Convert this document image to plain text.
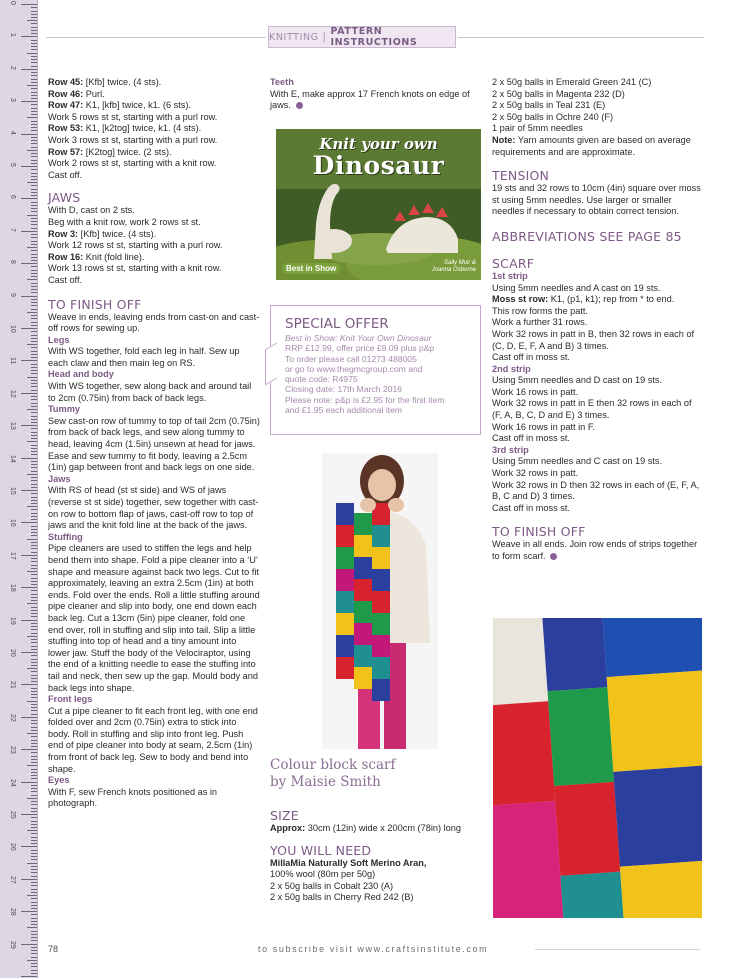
0
1
2
3
4
5
6
7
8
9
10
11
12
13
14
15
16
17
18
19
20
21
22
23
24
25
26
27
28
29
KNITTING | PATTERN INSTRUCTIONS

Row 45: [Kfb] twice. (4 sts).

Row 46: Purl.

Row 47: K1, [kfb] twice, k1. (6 sts).

Work 5 rows st st, starting with a purl row.

Row 53: K1, [k2tog] twice, k1. (4 sts).

Work 3 rows st st, starting with a purl row.

Row 57: [K2tog] twice. (2 sts).

Work 2 rows st st, starting with a knit row.

Cast off.

JAWS

With D, cast on 2 sts.

Beg with a knit row, work 2 rows st st.

Row 3: [Kfb] twice. (4 sts).

Work 12 rows st st, starting with a purl row.

Row 16: Knit (fold line).

Work 13 rows st st, starting with a knit row.

Cast off.

TO FINISH OFF

Weave in ends, leaving ends from cast-on and cast-off rows for sewing up.

Legs

With WS together, fold each leg in half. Sew up each claw and then main leg on RS.

Head and body

With WS together, sew along back and around tail to 2cm (0.75in) from back of back legs.

Tummy

Sew cast-on row of tummy to top of tail 2cm (0.75in) from back of back legs, and sew along tummy to head, leaving 4cm (1.5in) unsewn at head for jaws. Ease and sew tummy to fit body, leaving a 2.5cm (1in) gap between front and back legs on one side.

Jaws

With RS of head (st st side) and WS of jaws (reverse st st side) together, sew together with cast-on row to bottom flap of jaws, cast-off row to top of jaws and the knit fold line at the back of the jaws.

Stuffing

Pipe cleaners are used to stiffen the legs and help bend them into shape. Fold a pipe cleaner into a ‘U’ shape and measure against back two legs. Cut to fit approximately, leaving an extra 2.5cm (1in) at both ends. Fold over the ends. Roll a little stuffing around pipe cleaner and slip into body, one end down each back leg. Cut a 13cm (5in) pipe cleaner, fold one end over, roll in stuffing and slip into tail. Slip a little stuffing into top of head and a tiny amount into lower jaw. Stuff the body of the Velociraptor, using the end of a knitting needle to ease the stuffing into tail and neck, then sew up the gap. Mould body and back legs into shape.

Front legs

Cut a pipe cleaner to fit each front leg, with one end folded over and 2cm (0.75in) extra to stick into body. Roll in stuffing and slip into front leg. Push end of pipe cleaner into body at seam, 2.5cm (1in) from front of back leg. Sew to body and bend into shape.

Eyes

With F, sew French knots positioned as in photograph.

Teeth

With E, make approx 17 French knots on edge of jaws.

Knit your own
Dinosaur
Best in Show
Sally Muir &
Joanna Osborne

SPECIAL OFFER

Best in Show: Knit Your Own Dinosaur

RRP £12.99, offer price £9.09 plus p&p

To order please call 01273 488005

or go to www.thegmcgroup.com and

quote code: R4975

Closing date: 17th March 2016

Please note: p&p is £2.95 for the first item

and £1.95 each additional item

Colour block scarf
by Maisie Smith

SIZE

Approx: 30cm (12in) wide x 200cm (78in) long

YOU WILL NEED

MillaMia Naturally Soft Merino Aran,

100% wool (80m per 50g)

2 x 50g balls in Cobalt 230 (A)

2 x 50g balls in Cherry Red 242 (B)

2 x 50g balls in Emerald Green 241 (C)

2 x 50g balls in Magenta 232 (D)

2 x 50g balls in Teal 231 (E)

2 x 50g balls in Ochre 240 (F)

1 pair of 5mm needles

Note: Yarn amounts given are based on average requirements and are approximate.

TENSION

19 sts and 32 rows to 10cm (4in) square over moss st using 5mm needles. Use larger or smaller needles if necessary to obtain correct tension.

ABBREVIATIONS SEE PAGE 85

SCARF

1st strip

Using 5mm needles and A cast on 19 sts.

Moss st row: K1, (p1, k1); rep from * to end.

This row forms the patt.

Work a further 31 rows.

Work 32 rows in patt in B, then 32 rows in each of (C, D, E, F, A and B) 3 times.

Cast off in moss st.

2nd strip

Using 5mm needles and D cast on 19 sts.

Work 16 rows in patt.

Work 32 rows in patt in E then 32 rows in each of (F, A, B, C, D and E) 3 times.

Work 16 rows in patt in F.

Cast off in moss st.

3rd strip

Using 5mm needles and C cast on 19 sts.

Work 32 rows in patt.

Work 32 rows in D then 32 rows in each of (E, F, A, B, C and D) 3 times.

Cast off in moss st.

TO FINISH OFF

Weave in all ends. Join row ends of strips together to form scarf.

78	to subscribe visit www.craftsinstitute.com
